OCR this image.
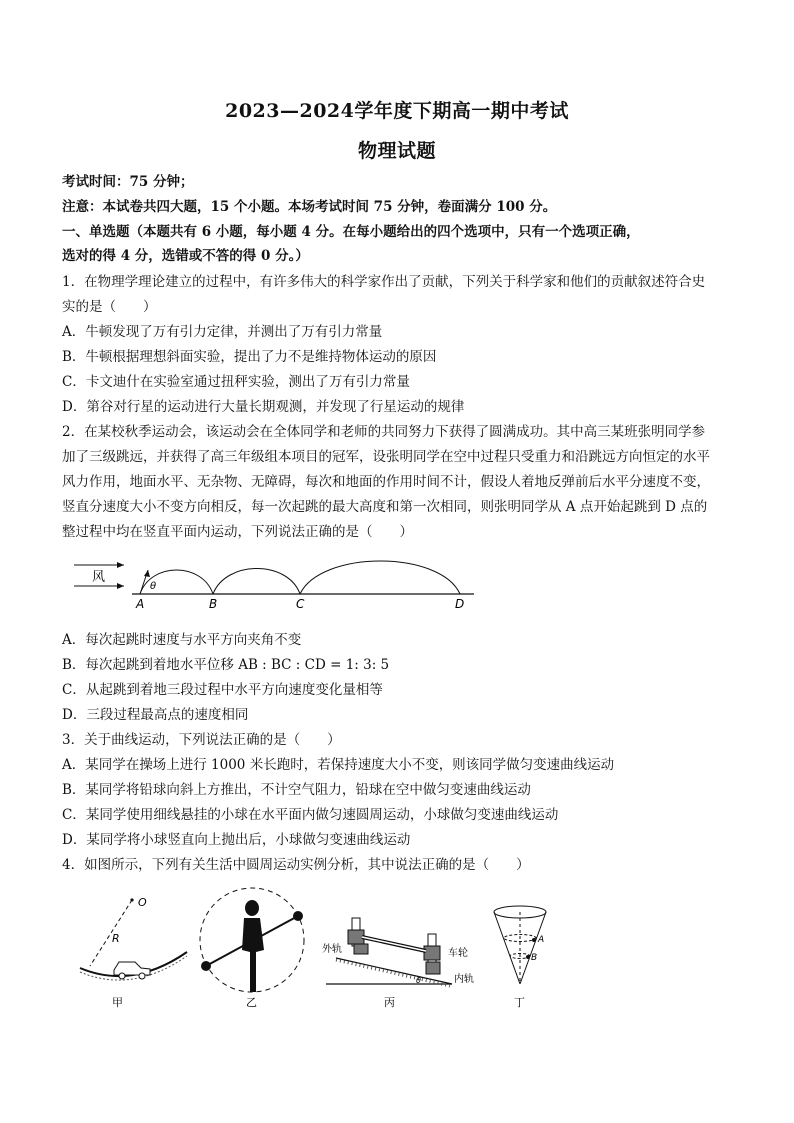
2023—2024学年度下期高一期中考试
物理试题
考试时间：75 分钟；
注意：本试卷共四大题，15 个小题。本场考试时间 75 分钟，卷面满分 100 分。
一、单选题（本题共有 6 小题，每小题 4 分。在每小题给出的四个选项中，只有一个选项正确，
选对的得 4 分，选错或不答的得 0 分。）
1．在物理学理论建立的过程中，有许多伟大的科学家作出了贡献，下列关于科学家和他们的贡献叙述符合史
实的是（　　）
A．牛顿发现了万有引力定律，并测出了万有引力常量
B．牛顿根据理想斜面实验，提出了力不是维持物体运动的原因
C．卡文迪什在实验室通过扭秤实验，测出了万有引力常量
D．第谷对行星的运动进行大量长期观测，并发现了行星运动的规律
2．在某校秋季运动会，该运动会在全体同学和老师的共同努力下获得了圆满成功。其中高三某班张明同学参
加了三级跳远，并获得了高三年级组本项目的冠军，设张明同学在空中过程只受重力和沿跳远方向恒定的水平
风力作用，地面水平、无杂物、无障碍，每次和地面的作用时间不计，假设人着地反弹前后水平分速度不变，
竖直分速度大小不变方向相反，每一次起跳的最大高度和第一次相同，则张明同学从 A 点开始起跳到 D 点的
整过程中均在竖直平面内运动，下列说法正确的是（　　）
风
θ
A	B	C	D
A．每次起跳时速度与水平方向夹角不变
B．每次起跳到着地水平位移 AB : BC : CD = 1: 3: 5
C．从起跳到着地三段过程中水平方向速度变化量相等
D．三段过程最高点的速度相同
3．关于曲线运动，下列说法正确的是（　　）
A．某同学在操场上进行 1000 米长跑时，若保持速度大小不变，则该同学做匀变速曲线运动
B．某同学将铅球向斜上方推出，不计空气阻力，铅球在空中做匀变速曲线运动
C．某同学使用细线悬挂的小球在水平面内做匀速圆周运动，小球做匀变速曲线运动
D．某同学将小球竖直向上抛出后，小球做匀变速曲线运动
4．如图所示，下列有关生活中圆周运动实例分析，其中说法正确的是（　　）
O
R
甲	乙
外轨	车轮
内轨
θ
丙
A
B
丁
